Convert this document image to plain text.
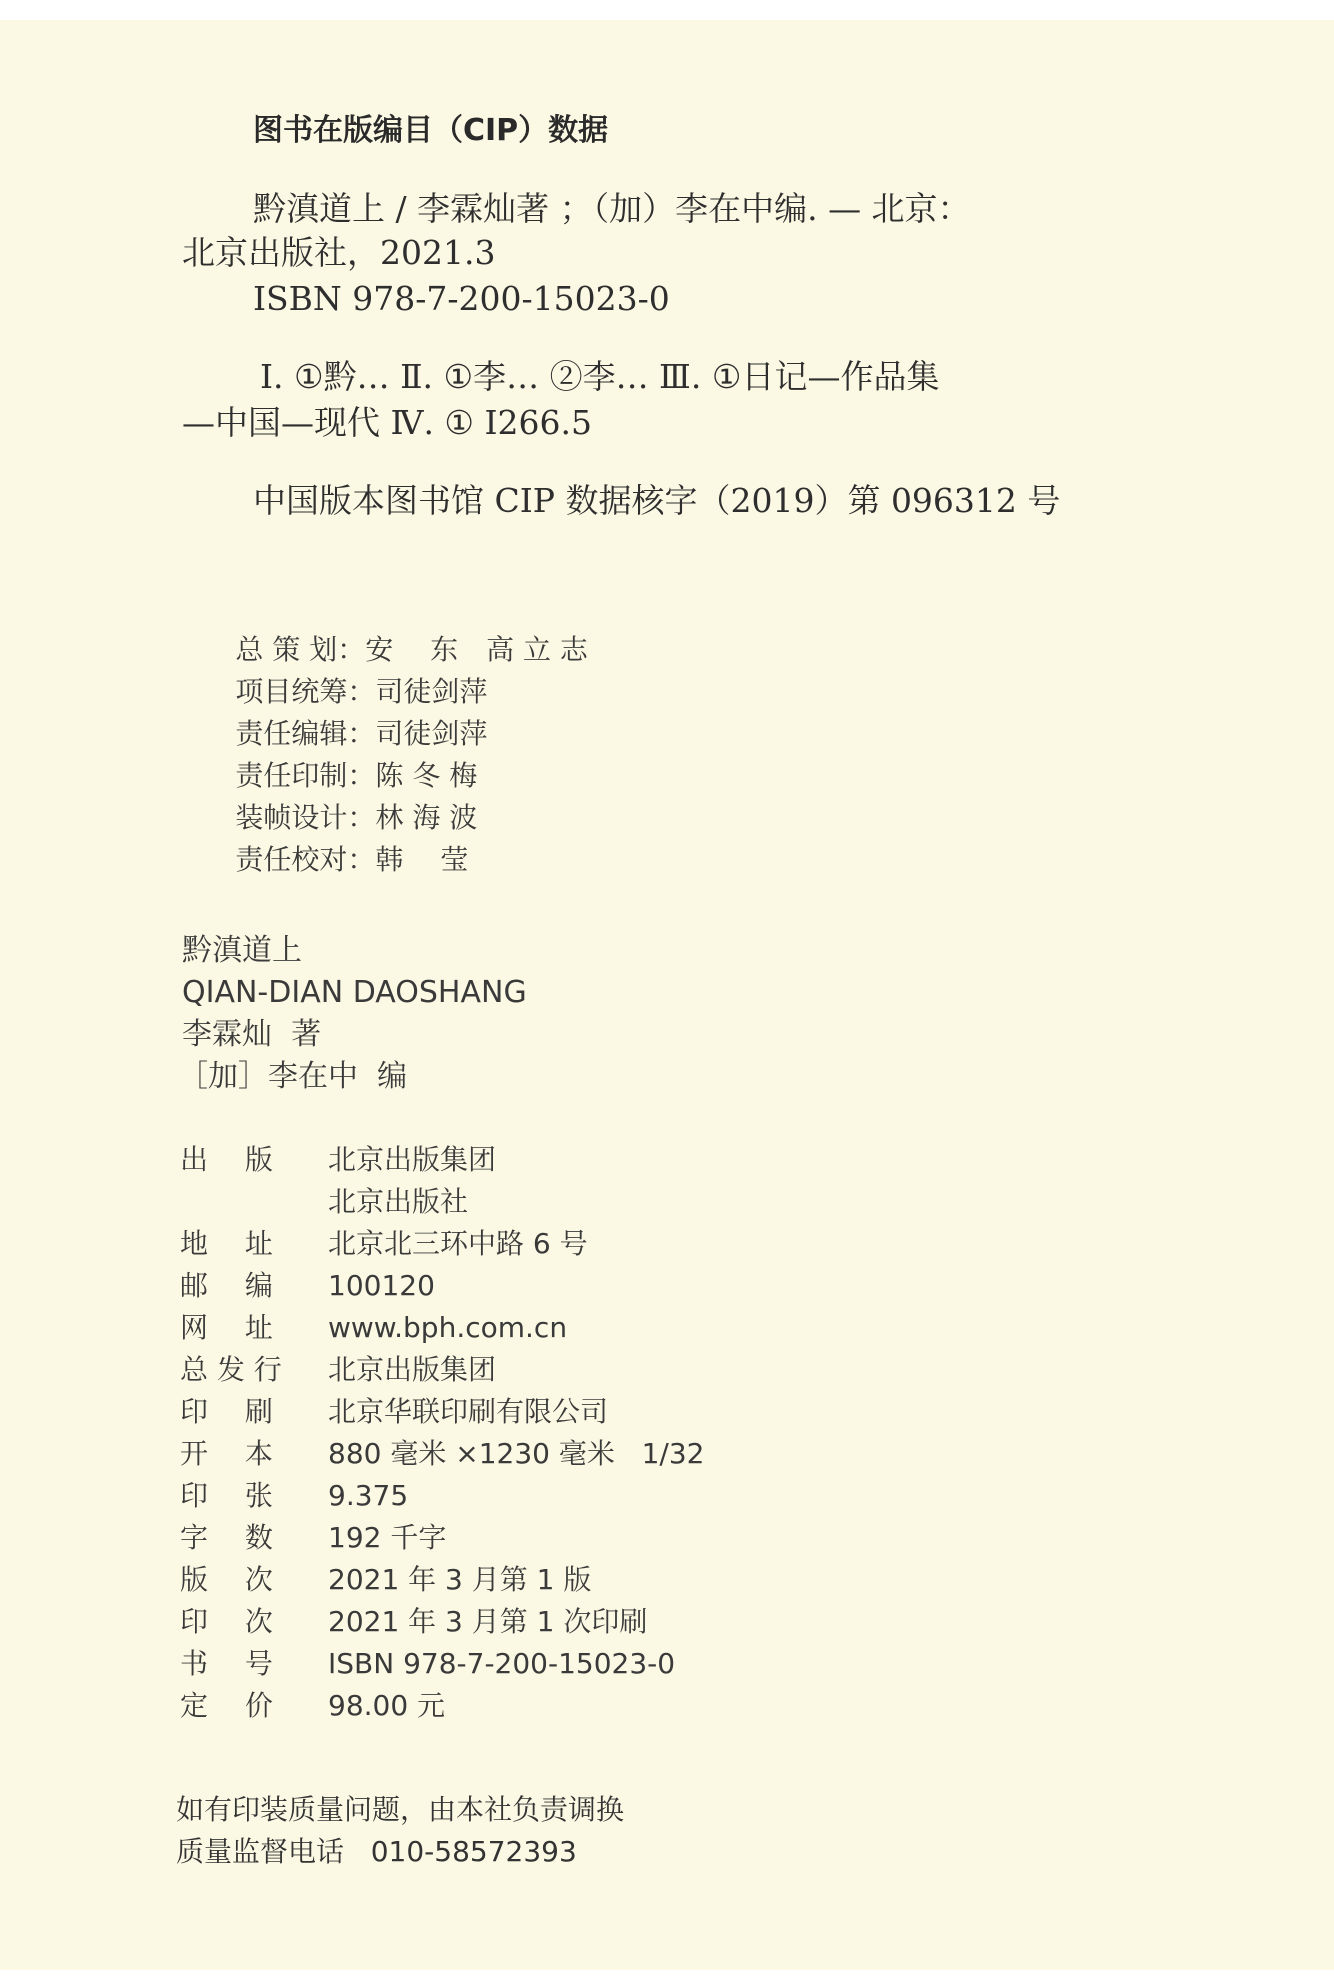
图书在版编目（CIP）数据
黔滇道上 / 李霖灿著 ；（加）李在中编. — 北京：
北京出版社，2021.3
ISBN 978-7-200-15023-0
Ⅰ. ①黔… Ⅱ. ①李… ②李… Ⅲ. ①日记—作品集
—中国—现代 Ⅳ. ① I266.5
中国版本图书馆 CIP 数据核字（2019）第 096312 号

总 策 划：安　 东　高 立 志

项目统筹：司徒剑萍

责任编辑：司徒剑萍

责任印制：陈 冬 梅

装帧设计：林 海 波

责任校对：韩　 莹

黔滇道上
QIAN-DIAN DAOSHANG
李霖灿  著
［加］李在中  编
出　 版 北京出版集团
北京出版社
地　 址 北京北三环中路 6 号
邮　 编 100120
网　 址 www.bph.com.cn
总 发 行 北京出版集团
印　 刷 北京华联印刷有限公司
开　 本 880 毫米 ×1230 毫米   1/32
印　 张 9.375
字　 数 192 千字
版　 次 2021 年 3 月第 1 版
印　 次 2021 年 3 月第 1 次印刷
书　 号 ISBN 978-7-200-15023-0
定　 价 98.00 元
如有印装质量问题，由本社负责调换
质量监督电话   010-58572393
